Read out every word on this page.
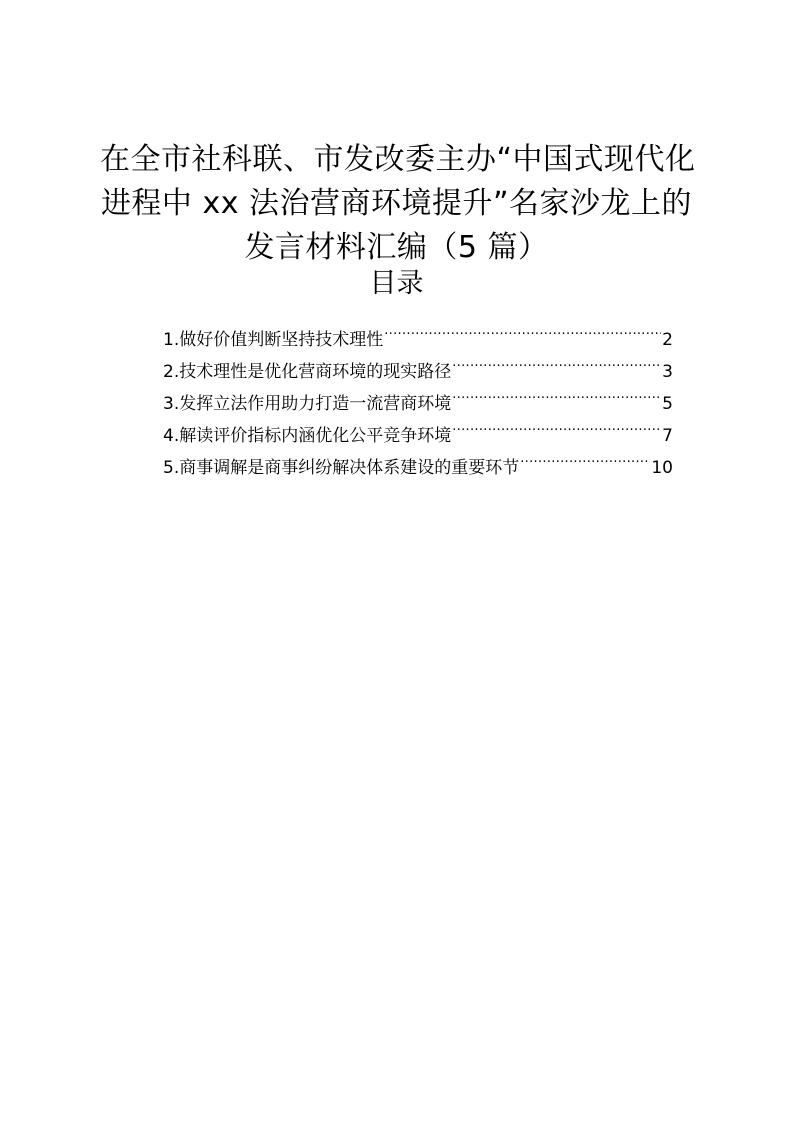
在全市社科联、市发改委主办“中国式现代化
进程中 xx 法治营商环境提升”名家沙龙上的
发言材料汇编（5 篇）
目录
1.做好价值判断坚持技术理性 .....	2
2.技术理性是优化营商环境的现实路径 .....	3
3.发挥立法作用助力打造一流营商环境 .....	5
4.解读评价指标内涵优化公平竞争环境 .....	7
5.商事调解是商事纠纷解决体系建设的重要环节 .....	10
